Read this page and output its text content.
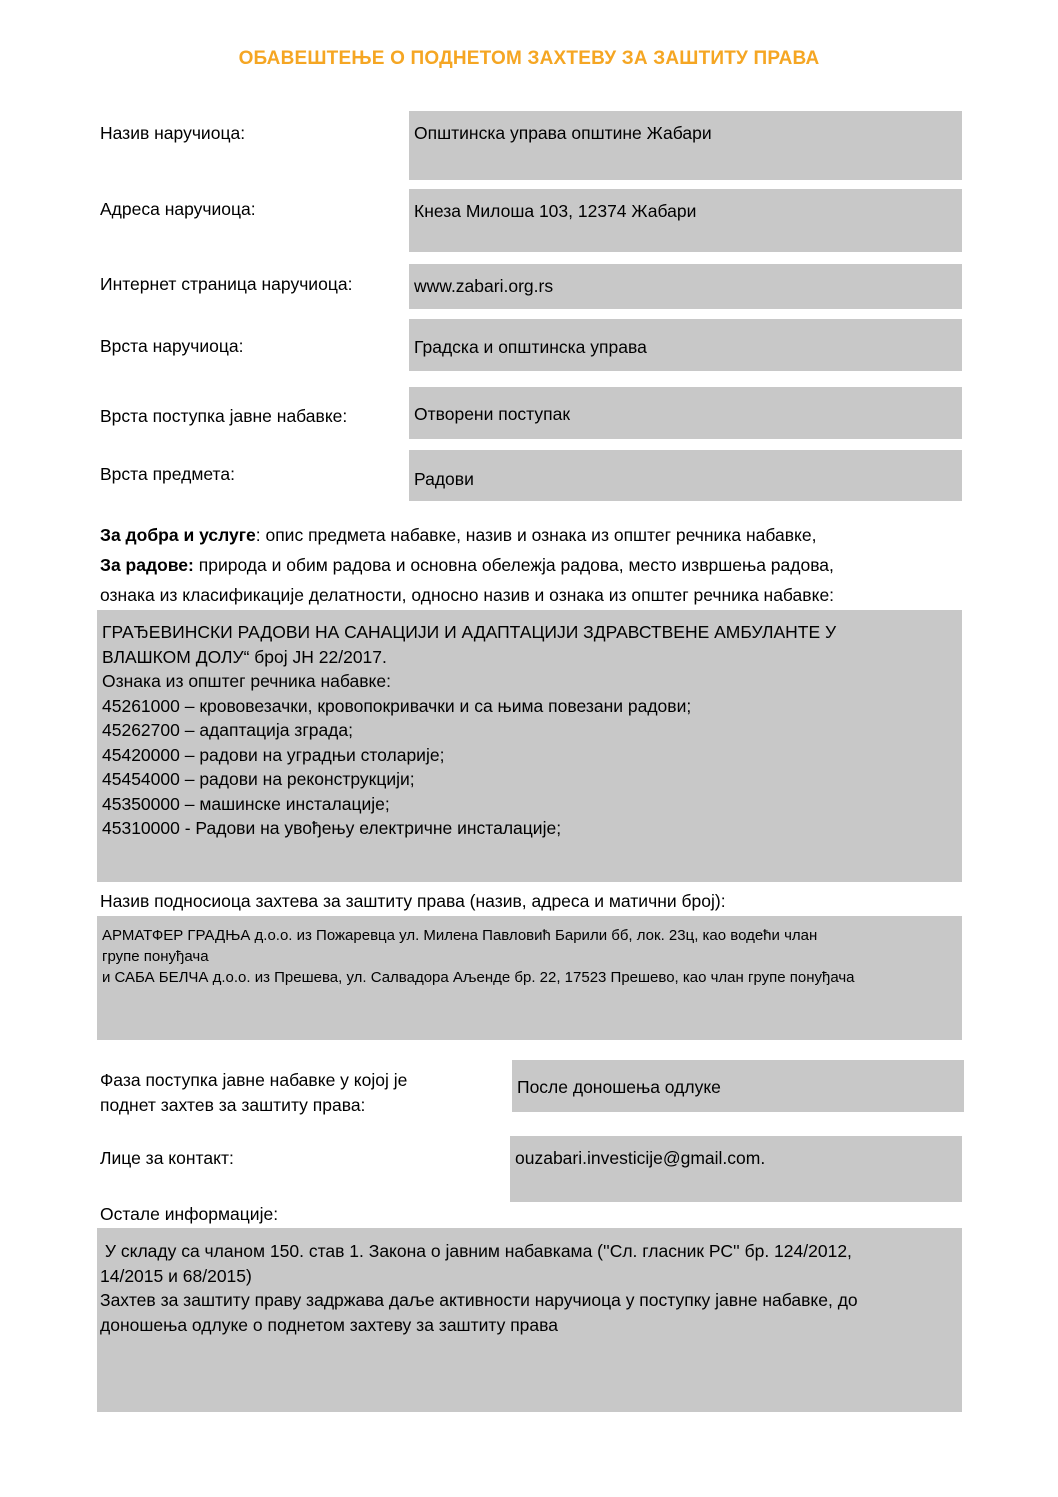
ОБАВЕШТЕЊЕ О ПОДНЕТОМ ЗАХТЕВУ ЗА ЗАШТИТУ ПРАВА
Назив наручиоца:	Општинска управа општине Жабари
Адреса наручиоца:	Кнеза Милоша 103, 12374 Жабари
Интернет страница наручиоца:	www.zabari.org.rs
Врста наручиоца:	Градска и општинска управа
Врста поступка јавне набавке:	Отворени поступак
Врста предмета:	Радови
За добра и услуге: опис предмета набавке, назив и ознака из општег речника набавке,
За радове: природа и обим радова и основна обележја радова, место извршења радова,
ознака из класификације делатности, односно назив и ознака из општег речника набавке:
ГРАЂЕВИНСКИ РАДОВИ НА САНАЦИЈИ И АДАПТАЦИЈИ ЗДРАВСТВЕНЕ АМБУЛАНТЕ У
ВЛАШКОМ ДОЛУ“ број ЈН 22/2017.
Ознака из општег речника набавке:
45261000 – крововезачки, кровопокривачки и са њима повезани радови;
45262700 – адаптација зграда;
45420000 – радови на уградњи столарије;
45454000 – радови на реконструкцији;
45350000 – машинске инсталације;
45310000 - Радови на увођењу електричне инсталације;
Назив подносиоца захтева за заштиту права (назив, адреса и матични број):
АРМАТФЕР ГРАДЊА д.о.о. из Пожаревца ул. Милена Павловић Барили бб, лок. 23ц, као водећи члан
групе понуђача
и САБА БЕЛЧА д.о.о. из Прешева, ул. Салвадора Аљенде бр. 22, 17523 Прешево, као члан групе понуђача
Фаза поступка јавне набавке у којој је
поднет захтев за заштиту права:
После доношења одлуке
Лице за контакт:	ouzabari.investicije@gmail.com.
Остале информације:
У складу са чланом 150. став 1. Закона о јавним набавкама (''Сл. гласник РС'' бр. 124/2012,
14/2015 и 68/2015)
Захтев за заштиту праву задржава даље активности наручиоца у поступку јавне набавке, до
доношења одлуке о поднетом захтеву за заштиту права
